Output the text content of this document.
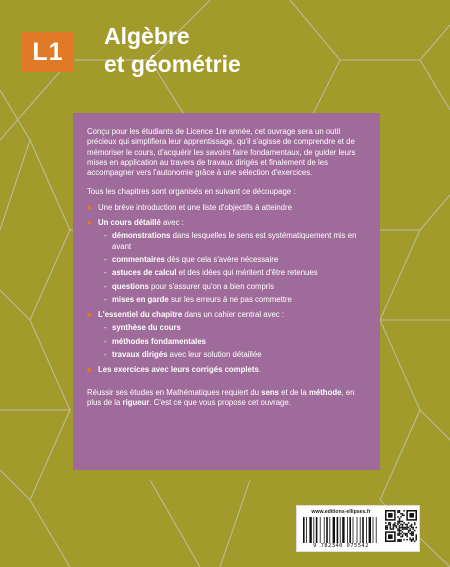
L1
Algèbre
et géométrie

Conçu pour les étudiants de Licence 1re année, cet ouvrage sera un outil précieux qui simplifiera leur apprentissage, qu'il s'agisse de comprendre et de mémoriser le cours, d'acquérir les savoirs faire fondamentaux, de guider leurs mises en application au travers de travaux dirigés et finalement de les accompagner vers l'autonomie grâce à une sélection d'exercices.

Tous les chapitres sont organisés en suivant ce découpage :

■ Une brève introduction et une liste d'objectifs à atteindre
■ Un cours détaillé avec :
- démonstrations dans lesquelles le sens est systématiquement mis en avant
- commentaires dès que cela s'avère nécessaire
- astuces de calcul et des idées qui méritent d'être retenues
- questions pour s'assurer qu'on a bien compris
- mises en garde sur les erreurs à ne pas commettre
■ L'essentiel du chapitre dans un cahier central avec :
- synthèse du cours
- méthodes fondamentales
- travaux dirigés avec leur solution détaillée
■ Les exercices avec leurs corrigés complets.

Réussir ses études en Mathématiques requiert du sens et de la méthode, en plus de la rigueur. C'est ce que vous propose cet ouvrage.

www.editions-ellipses.fr
9 782340 075542
